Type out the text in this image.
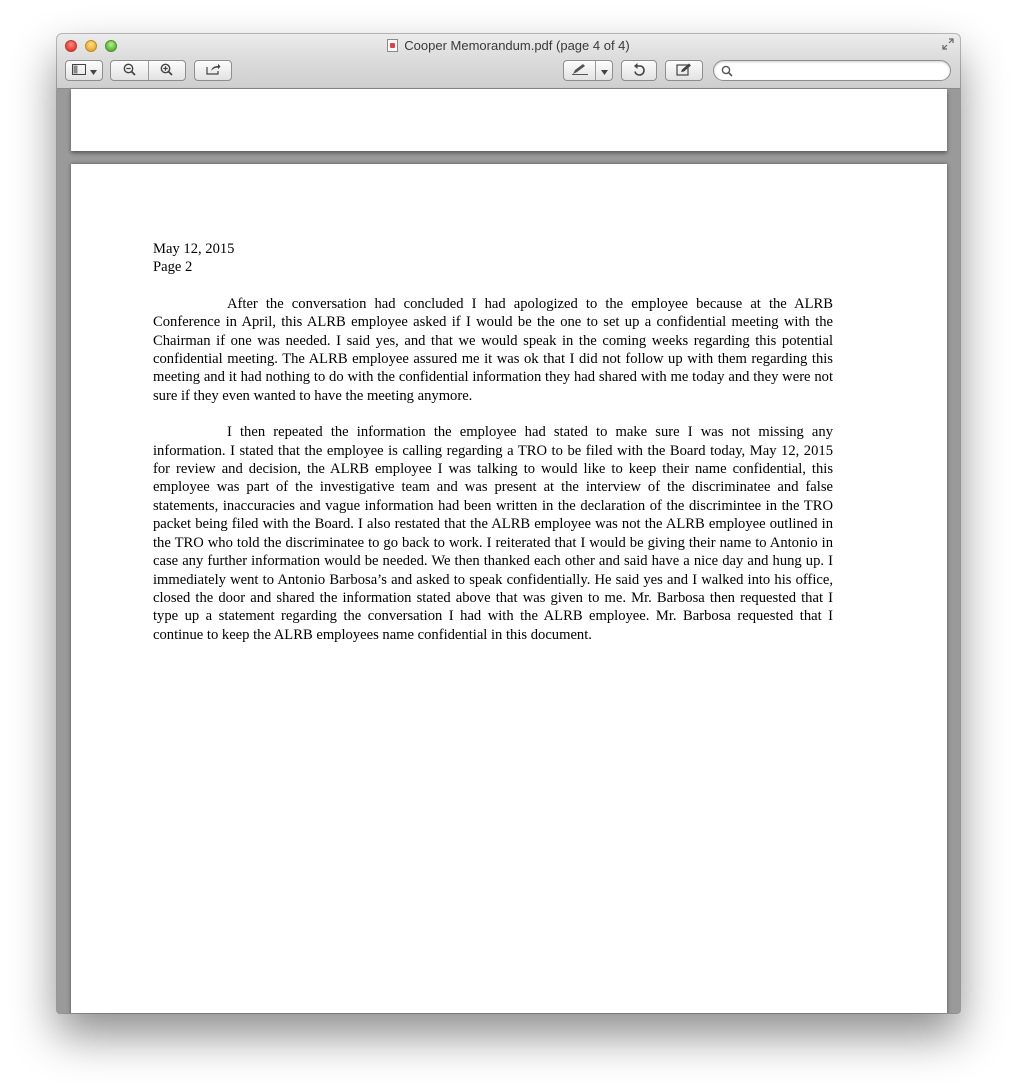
Cooper Memorandum.pdf (page 4 of 4)
May 12, 2015
Page 2

After the conversation had concluded I had apologized to the employee because at the ALRB Conference in April, this ALRB employee asked if I would be the one to set up a confidential meeting with the Chairman if one was needed. I said yes, and that we would speak in the coming weeks regarding this potential confidential meeting. The ALRB employee assured me it was ok that I did not follow up with them regarding this meeting and it had nothing to do with the confidential information they had shared with me today and they were not sure if they even wanted to have the meeting anymore.

I then repeated the information the employee had stated to make sure I was not missing any information. I stated that the employee is calling regarding a TRO to be filed with the Board today, May 12, 2015 for review and decision, the ALRB employee I was talking to would like to keep their name confidential, this employee was part of the investigative team and was present at the interview of the discriminatee and false statements, inaccuracies and vague information had been written in the declaration of the discrimintee in the TRO packet being filed with the Board. I also restated that the ALRB employee was not the ALRB employee outlined in the TRO who told the discriminatee to go back to work. I reiterated that I would be giving their name to Antonio in case any further information would be needed. We then thanked each other and said have a nice day and hung up. I immediately went to Antonio Barbosa’s and asked to speak confidentially. He said yes and I walked into his office, closed the door and shared the information stated above that was given to me. Mr. Barbosa then requested that I type up a statement regarding the conversation I had with the ALRB employee. Mr. Barbosa requested that I continue to keep the ALRB employees name confidential in this document.
